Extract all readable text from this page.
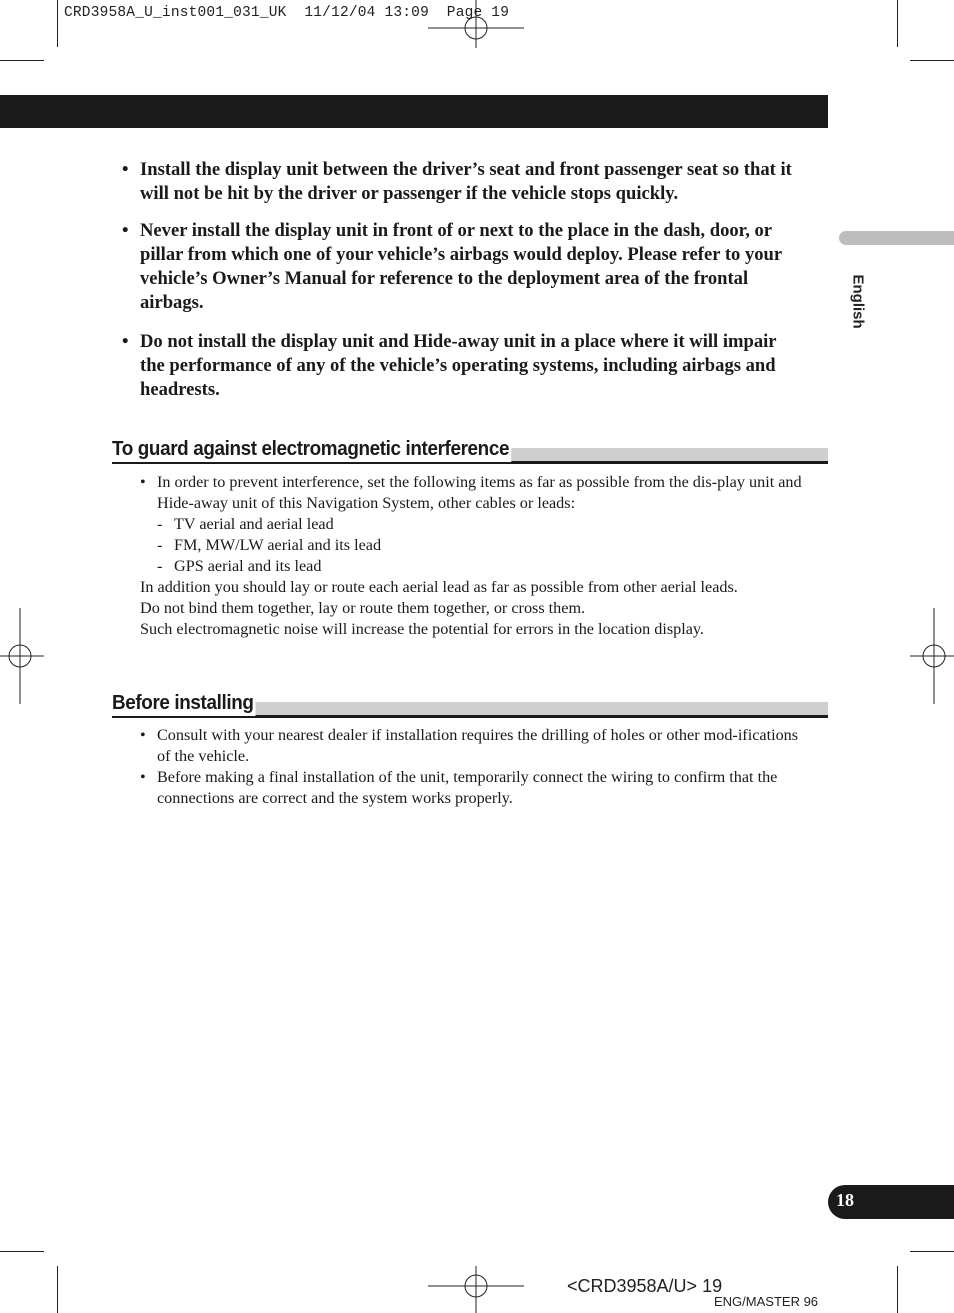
CRD3958A_U_inst001_031_UK 11/12/04 13:09 Page 19
English
• Install the display unit between the driver’s seat and front passenger seat so that it will not be hit by the driver or passenger if the vehicle stops quickly.
• Never install the display unit in front of or next to the place in the dash, door, or pillar from which one of your vehicle’s airbags would deploy. Please refer to your vehicle’s Owner’s Manual for reference to the deployment area of the frontal airbags.
• Do not install the display unit and Hide-away unit in a place where it will impair the performance of any of the vehicle’s operating systems, including airbags and headrests.
To guard against electromagnetic interference
• In order to prevent interference, set the following items as far as possible from the dis-play unit and Hide-away unit of this Navigation System, other cables or leads:
- TV aerial and aerial lead
- FM, MW/LW aerial and its lead
- GPS aerial and its lead
In addition you should lay or route each aerial lead as far as possible from other aerial leads.
Do not bind them together, lay or route them together, or cross them.
Such electromagnetic noise will increase the potential for errors in the location display.
Before installing
• Consult with your nearest dealer if installation requires the drilling of holes or other mod-ifications of the vehicle.
• Before making a final installation of the unit, temporarily connect the wiring to confirm that the connections are correct and the system works properly.
18
<CRD3958A/U> 19
ENG/MASTER 96
